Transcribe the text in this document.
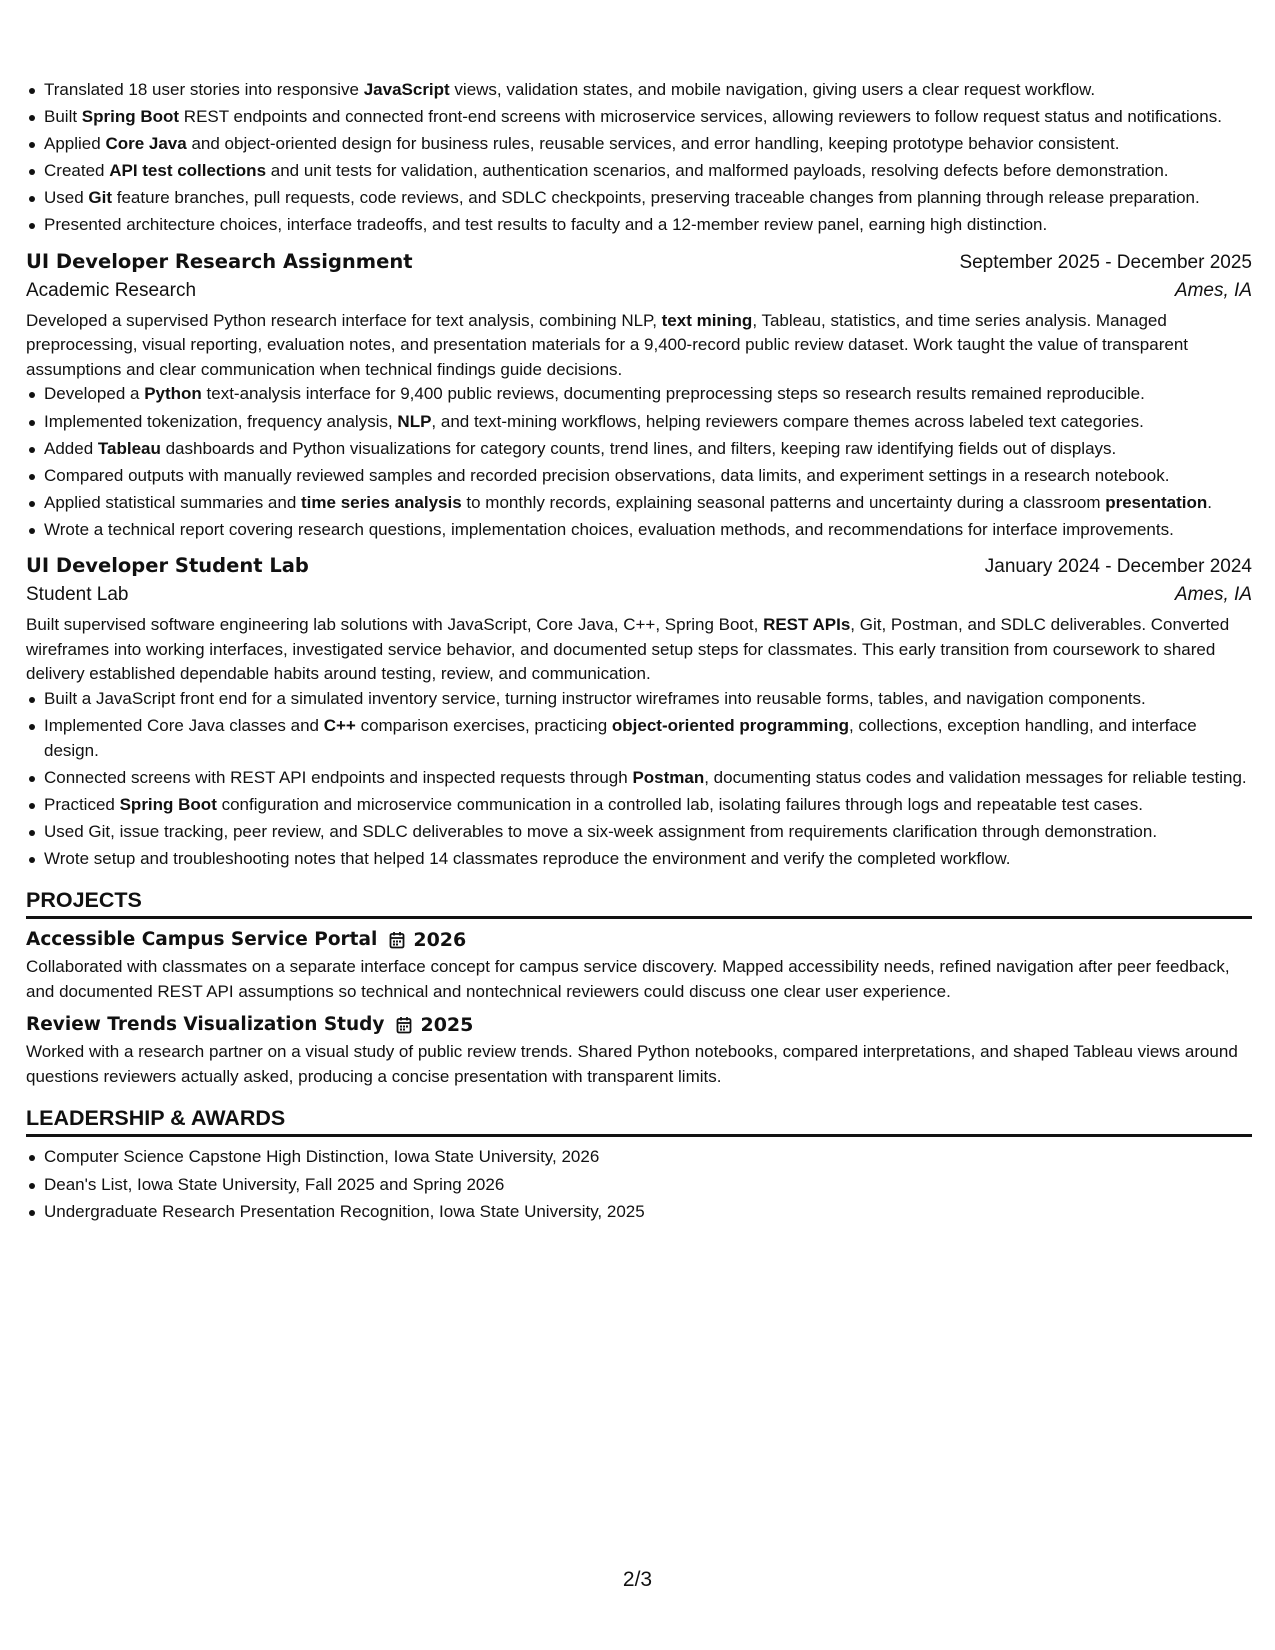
Translated 18 user stories into responsive JavaScript views, validation states, and mobile navigation, giving users a clear request workflow.
Built Spring Boot REST endpoints and connected front-end screens with microservice services, allowing reviewers to follow request status and notifications.
Applied Core Java and object-oriented design for business rules, reusable services, and error handling, keeping prototype behavior consistent.
Created API test collections and unit tests for validation, authentication scenarios, and malformed payloads, resolving defects before demonstration.
Used Git feature branches, pull requests, code reviews, and SDLC checkpoints, preserving traceable changes from planning through release preparation.
Presented architecture choices, interface tradeoffs, and test results to faculty and a 12-member review panel, earning high distinction.
UI Developer Research Assignment	September 2025 - December 2025
Academic Research	Ames, IA

Developed a supervised Python research interface for text analysis, combining NLP, text mining, Tableau, statistics, and time series analysis. Managed preprocessing, visual reporting, evaluation notes, and presentation materials for a 9,400-record public review dataset. Work taught the value of transparent assumptions and clear communication when technical findings guide decisions.

Developed a Python text-analysis interface for 9,400 public reviews, documenting preprocessing steps so research results remained reproducible.
Implemented tokenization, frequency analysis, NLP, and text-mining workflows, helping reviewers compare themes across labeled text categories.
Added Tableau dashboards and Python visualizations for category counts, trend lines, and filters, keeping raw identifying fields out of displays.
Compared outputs with manually reviewed samples and recorded precision observations, data limits, and experiment settings in a research notebook.
Applied statistical summaries and time series analysis to monthly records, explaining seasonal patterns and uncertainty during a classroom presentation.
Wrote a technical report covering research questions, implementation choices, evaluation methods, and recommendations for interface improvements.
UI Developer Student Lab	January 2024 - December 2024
Student Lab	Ames, IA

Built supervised software engineering lab solutions with JavaScript, Core Java, C++, Spring Boot, REST APIs, Git, Postman, and SDLC deliverables. Converted wireframes into working interfaces, investigated service behavior, and documented setup steps for classmates. This early transition from coursework to shared delivery established dependable habits around testing, review, and communication.

Built a JavaScript front end for a simulated inventory service, turning instructor wireframes into reusable forms, tables, and navigation components.
Implemented Core Java classes and C++ comparison exercises, practicing object-oriented programming, collections, exception handling, and interface design.
Connected screens with REST API endpoints and inspected requests through Postman, documenting status codes and validation messages for reliable testing.
Practiced Spring Boot configuration and microservice communication in a controlled lab, isolating failures through logs and repeatable test cases.
Used Git, issue tracking, peer review, and SDLC deliverables to move a six-week assignment from requirements clarification through demonstration.
Wrote setup and troubleshooting notes that helped 14 classmates reproduce the environment and verify the completed workflow.
PROJECTS
Accessible Campus Service Portal 2026

Collaborated with classmates on a separate interface concept for campus service discovery. Mapped accessibility needs, refined navigation after peer feedback, and documented REST API assumptions so technical and nontechnical reviewers could discuss one clear user experience.

Review Trends Visualization Study 2025

Worked with a research partner on a visual study of public review trends. Shared Python notebooks, compared interpretations, and shaped Tableau views around questions reviewers actually asked, producing a concise presentation with transparent limits.

LEADERSHIP & AWARDS
Computer Science Capstone High Distinction, Iowa State University, 2026
Dean's List, Iowa State University, Fall 2025 and Spring 2026
Undergraduate Research Presentation Recognition, Iowa State University, 2025
2/3
